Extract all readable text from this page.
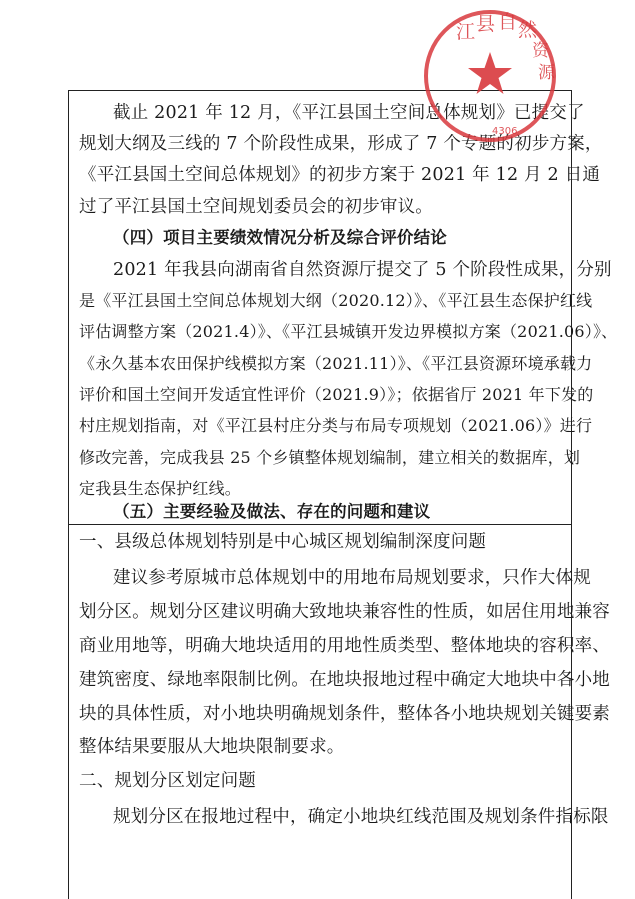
截止 2021 年 12 月，《平江县国土空间总体规划》已提交了
规划大纲及三线的 7 个阶段性成果，形成了 7 个专题的初步方案，
《平江县国土空间总体规划》的初步方案于 2021 年 12 月 2 日通
过了平江县国土空间规划委员会的初步审议。
（四）项目主要绩效情况分析及综合评价结论
2021 年我县向湖南省自然资源厅提交了 5 个阶段性成果，分别
是《平江县国土空间总体规划大纲（2020.12）》、《平江县生态保护红线
评估调整方案（2021.4）》、《平江县城镇开发边界模拟方案（2021.06）》、
《永久基本农田保护线模拟方案（2021.11）》、《平江县资源环境承载力
评价和国土空间开发适宜性评价（2021.9）》；依据省厅 2021 年下发的
村庄规划指南，对《平江县村庄分类与布局专项规划（2021.06）》进行
修改完善，完成我县 25 个乡镇整体规划编制，建立相关的数据库，划
定我县生态保护红线。
（五）主要经验及做法、存在的问题和建议
一、县级总体规划特别是中心城区规划编制深度问题
建议参考原城市总体规划中的用地布局规划要求，只作大体规
划分区。规划分区建议明确大致地块兼容性的性质，如居住用地兼容
商业用地等，明确大地块适用的用地性质类型、整体地块的容积率、
建筑密度、绿地率限制比例。在地块报地过程中确定大地块中各小地
块的具体性质，对小地块明确规划条件，整体各小地块规划关键要素
整体结果要服从大地块限制要求。
二、规划分区划定问题
规划分区在报地过程中，确定小地块红线范围及规划条件指标限
江 县 自 然
资
源
4306
